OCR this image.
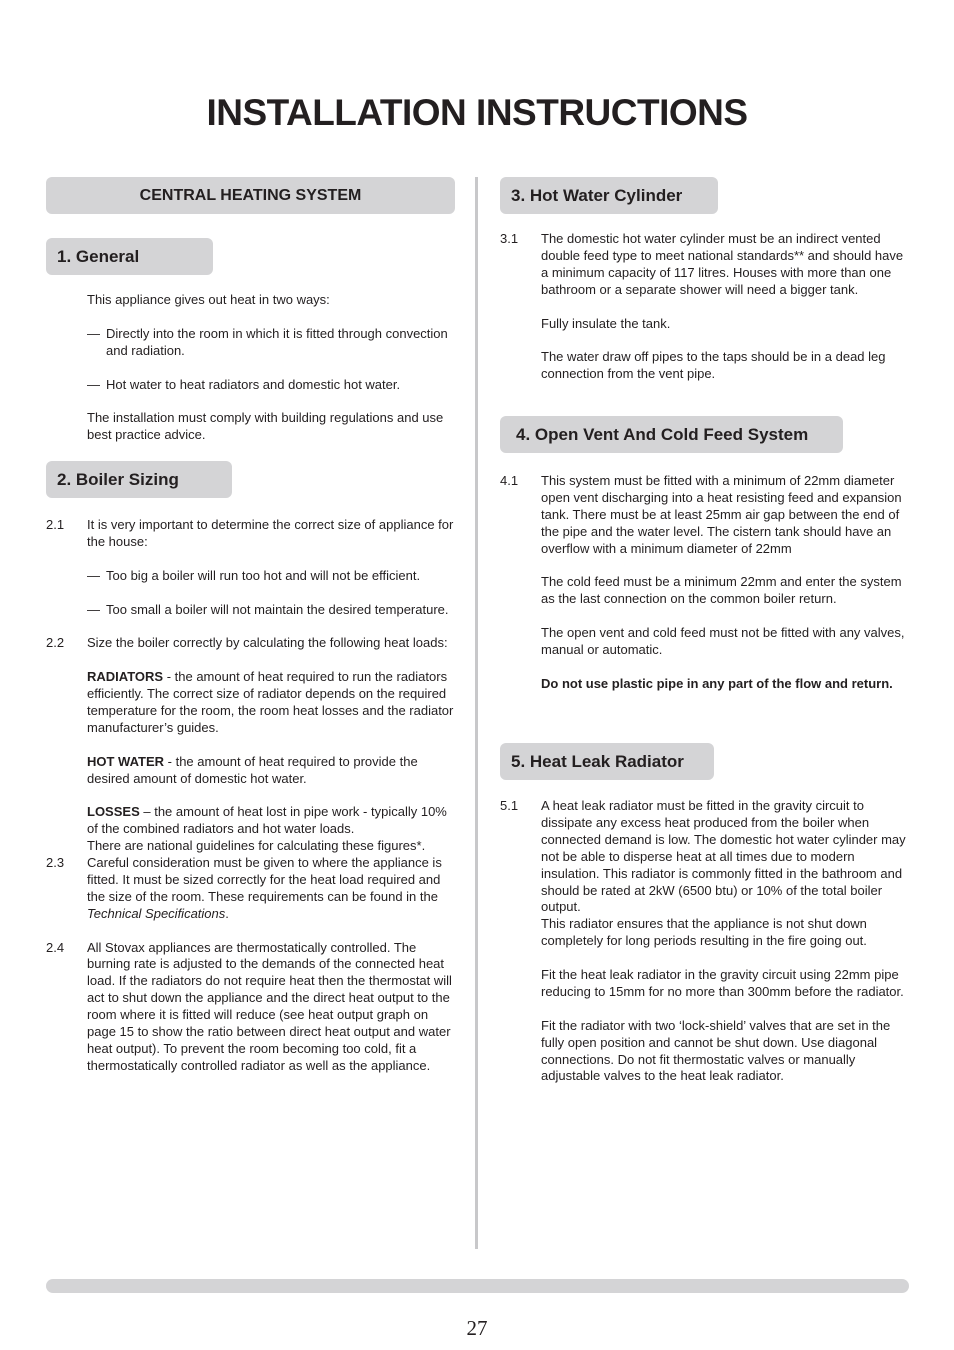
INSTALLATION INSTRUCTIONS
CENTRAL HEATING SYSTEM
1. General

This appliance gives out heat in two ways:

— Directly into the room in which it is fitted through convection and radiation.
— Hot water to heat radiators and domestic hot water.

The installation must comply with building regulations and use best practice advice.

2. Boiler Sizing
2.1 It is very important to determine the correct size of appliance for the house:
— Too big a boiler will run too hot and will not be efficient.
— Too small a boiler will not maintain the desired temperature.
2.2 Size the boiler correctly by calculating the following heat loads:

RADIATORS - the amount of heat required to run the radiators efficiently. The correct size of radiator depends on the required temperature for the room, the room heat losses and the radiator manufacturer’s guides.

HOT WATER - the amount of heat required to provide the desired amount of domestic hot water.

LOSSES – the amount of heat lost in pipe work - typically 10% of the combined radiators and hot water loads.

There are national guidelines for calculating these figures*.

2.3 Careful consideration must be given to where the appliance is fitted. It must be sized correctly for the heat load required and the size of the room. These requirements can be found in the Technical Specifications.
2.4 All Stovax appliances are thermostatically controlled. The burning rate is adjusted to the demands of the connected heat load. If the radiators do not require heat then the thermostat will act to shut down the appliance and the direct heat output to the room where it is fitted will reduce (see heat output graph on page 15 to show the ratio between direct heat output and water heat output). To prevent the room becoming too cold, fit a thermostatically controlled radiator as well as the appliance.
3. Hot Water Cylinder
3.1 The domestic hot water cylinder must be an indirect vented double feed type to meet national standards** and should have a minimum capacity of 117 litres. Houses with more than one bathroom or a separate shower will need a bigger tank.

Fully insulate the tank.

The water draw off pipes to the taps should be in a dead leg connection from the vent pipe.

4. Open Vent And Cold Feed System
4.1 This system must be fitted with a minimum of 22mm diameter open vent discharging into a heat resisting feed and expansion tank. There must be at least 25mm air gap between the end of the pipe and the water level. The cistern tank should have an overflow with a minimum diameter of 22mm

The cold feed must be a minimum 22mm and enter the system as the last connection on the common boiler return.

The open vent and cold feed must not be fitted with any valves, manual or automatic.

Do not use plastic pipe in any part of the flow and return.

5. Heat Leak Radiator
5.1 A heat leak radiator must be fitted in the gravity circuit to dissipate any excess heat produced from the boiler when connected demand is low. The domestic hot water cylinder may not be able to disperse heat at all times due to modern insulation. This radiator is commonly fitted in the bathroom and should be rated at 2kW (6500 btu) or 10% of the total boiler output.

This radiator ensures that the appliance is not shut down completely for long periods resulting in the fire going out.

Fit the heat leak radiator in the gravity circuit using 22mm pipe reducing to 15mm for no more than 300mm before the radiator.

Fit the radiator with two ‘lock-shield’ valves that are set in the fully open position and cannot be shut down. Use diagonal connections. Do not fit thermostatic valves or manually adjustable valves to the heat leak radiator.

27
